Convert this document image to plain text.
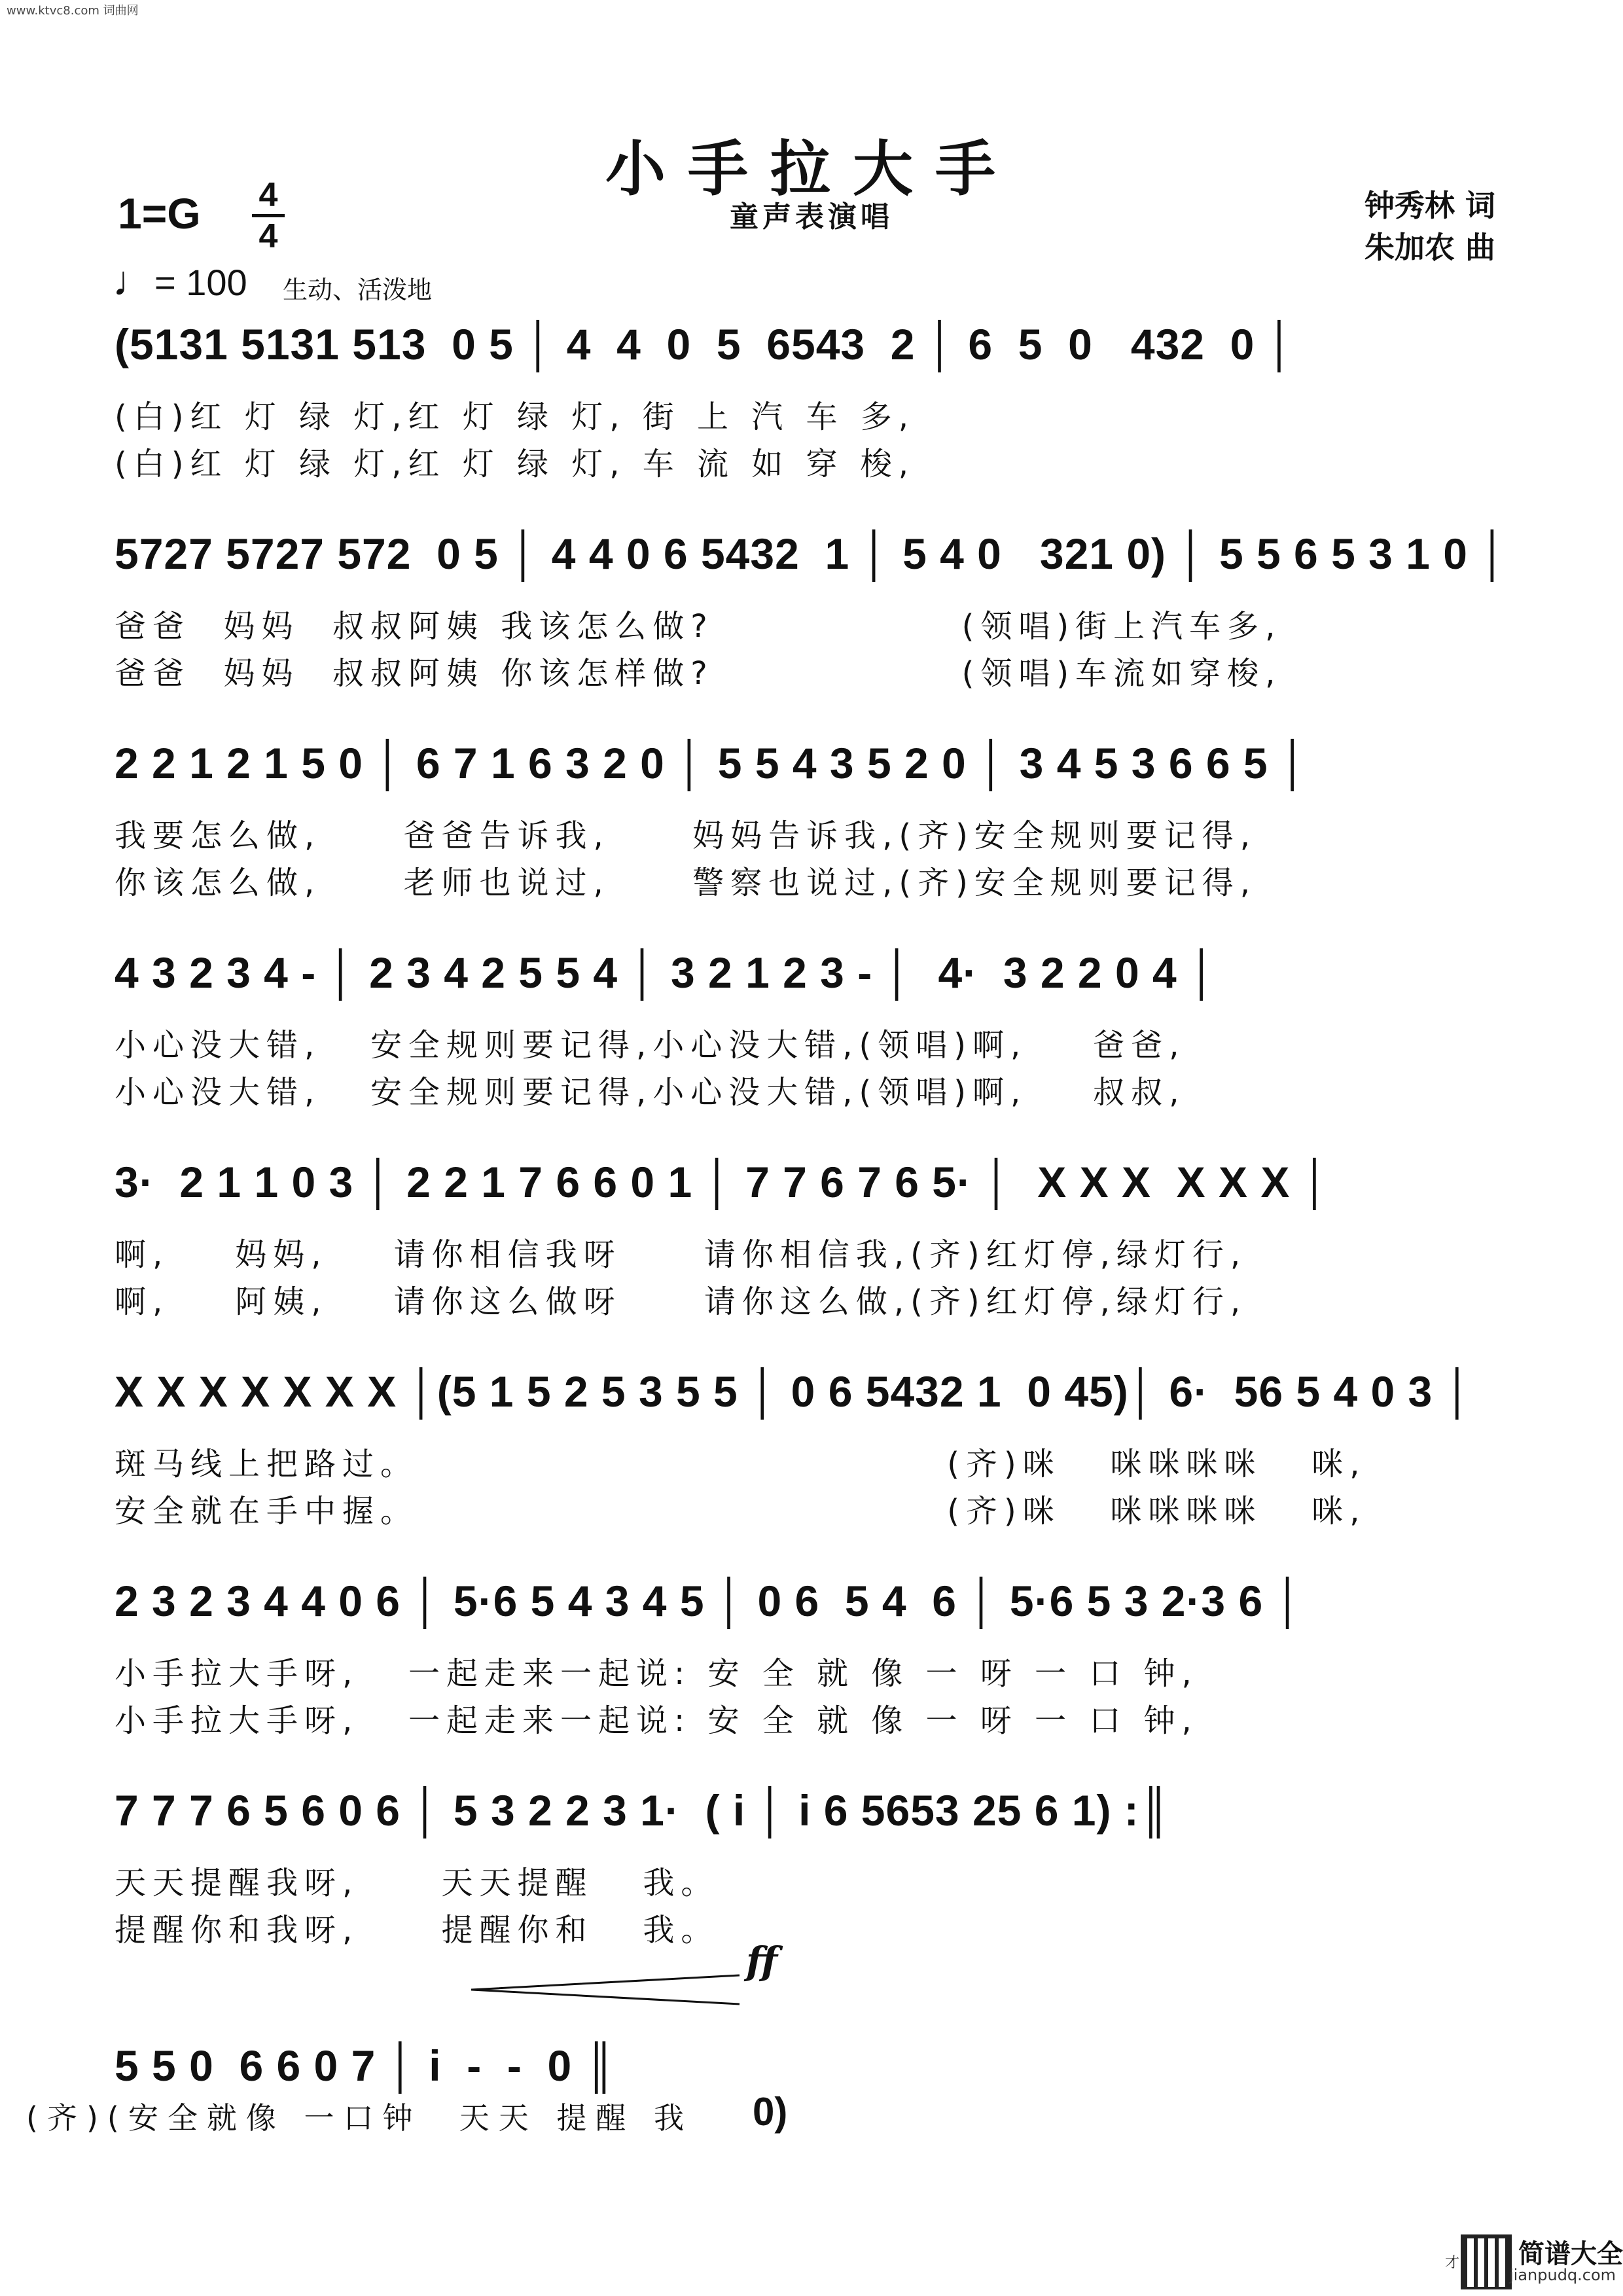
www.ktvc8.com 词曲网
小手拉大手
童声表演唱
1=G 4
4
钟秀林 词
朱加农 曲
♩= 100 生动、活泼地
(5131 5131 513  0 5 │ 4  4  0  5  6543  2 │ 6  5  0   432  0 │
(白)红 灯 绿 灯,红 灯 绿 灯, 街 上 汽 车 多,
(白)红 灯 绿 灯,红 灯 绿 灯, 车 流 如 穿 梭,
5727 5727 572  0 5 │ 4 4 0 6 5432  1 │ 5 4 0   321 0) │ 5 5 6 5 3 1 0 │
爸爸  妈妈  叔叔阿姨 我该怎么做?               (领唱)街上汽车多,
爸爸  妈妈  叔叔阿姨 你该怎样做?               (领唱)车流如穿梭,
2 2 1 2 1 5 0 │ 6 7 1 6 3 2 0 │ 5 5 4 3 5 2 0 │ 3 4 5 3 6 6 5 │
我要怎么做,     爸爸告诉我,     妈妈告诉我,(齐)安全规则要记得,
你该怎么做,     老师也说过,     警察也说过,(齐)安全规则要记得,
4 3 2 3 4 - │ 2 3 4 2 5 5 4 │ 3 2 1 2 3 - │  4·  3 2 2 0 4 │
小心没大错,   安全规则要记得,小心没大错,(领唱)啊,    爸爸,
小心没大错,   安全规则要记得,小心没大错,(领唱)啊,    叔叔,
3·  2 1 1 0 3 │ 2 2 1 7 6 6 0 1 │ 7 7 6 7 6 5· │  X X X  X X X │
啊,    妈妈,    请你相信我呀     请你相信我,(齐)红灯停,绿灯行,
啊,    阿姨,    请你这么做呀     请你这么做,(齐)红灯停,绿灯行,
X X X X X X X │(5 1 5 2 5 3 5 5 │ 0 6 5432 1  0 45)│ 6·  56 5 4 0 3 │
斑马线上把路过。                                (齐)咪   咪咪咪咪   咪,
安全就在手中握。                                (齐)咪   咪咪咪咪   咪,
2 3 2 3 4 4 0 6 │ 5·6 5 4 3 4 5 │ 0 6  5 4  6 │ 5·6 5 3 2·3 6 │
小手拉大手呀,   一起走来一起说: 安 全 就 像 一 呀 一 口 钟,
小手拉大手呀,   一起走来一起说: 安 全 就 像 一 呀 一 口 钟,
7 7 7 6 5 6 0 6 │ 5 3 2 2 3 1·  ( i │ i 6 5653 25 6 1) :║
天天提醒我呀,     天天提醒   我。
提醒你和我呀,     提醒你和   我。
5 5 0  6 6 0 7 │ i  -  -  0 ║
ff
(齐)(安全就像 一口钟  天天 提醒 我 0)
才 简谱大全
jianpudq.com
